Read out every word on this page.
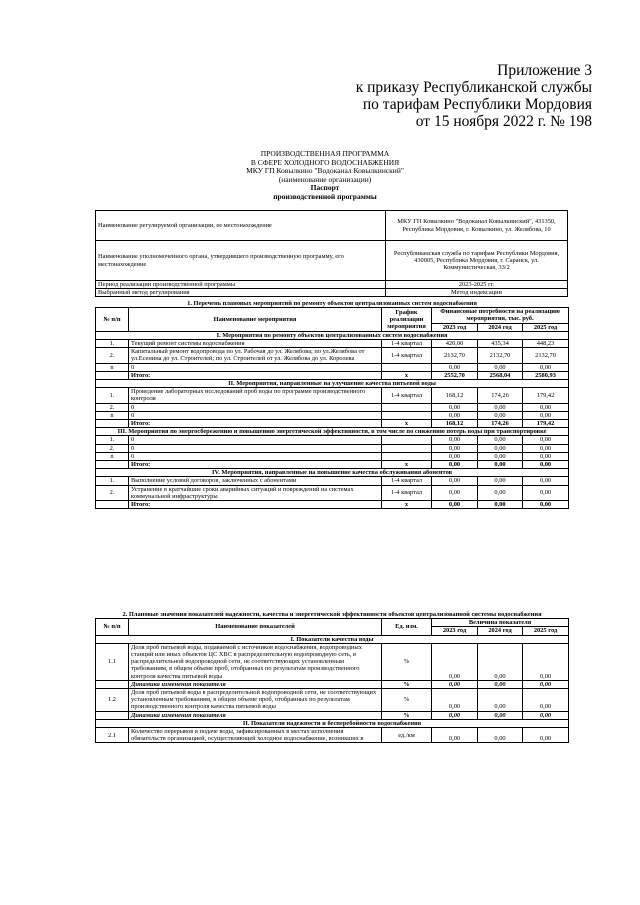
Приложение 3
к приказу Республиканской службы
по тарифам Республики Мордовия
от 15 ноября 2022 г. № 198
ПРОИЗВОДСТВЕННАЯ ПРОГРАММА
В СФЕРЕ ХОЛОДНОГО ВОДОСНАБЖЕНИЯ
МКУ ГП Ковылкино "Водоканал Ковылкинский"
(наименование организации)
Паспорт
производственной программы
Наименование регулируемой организации, ее местонахождение	МКУ ГП Ковылкино "Водоканал Ковылкинский", 431350, Республика Мордовия, г. Ковылкино, ул. Желябова, 10
Наименование уполномоченного органа, утвердившего производственную программу, его местонахождение	Республиканская служба по тарифам Республики Мордовия, 430005, Республика Мордовия, г. Саранск, ул. Коммунистическая, 33/2
Период реализации производственной программы	2023-2025 гг.
Выбранный метод регулирования	Метод индексации
1. Перечень плановых мероприятий по ремонту объектов централизованных систем водоснабжения					
№ п/п	Наименование мероприятия	График реализации мероприятия	Финансовые потребности на реализацию мероприятия, тыс. руб.		
			2023 год	2024 год	2025 год
I. Мероприятия по ремонту объектов централизованных систем водоснабжения					
1.	Текущий ремонт системы водоснабжения	1-4 квартал	420,00	435,34	448,23
2.	Капитальный ремонт водопровода по ул. Рабочая до ул. Желябова; по ул.Желябова от ул.Есенина до ул. Строителей; по ул. Строителей от ул. Желябова до ул. Королева	1-4 квартал	2132,70	2132,70	2132,70
n	0		0,00	0,00	0,00
	Итого:	x	2552,70	2568,04	2580,93
II. Мероприятия, направленные на улучшение качества питьевой воды					
1.	Проведение лабораторных исследований проб воды по программе производственного контроля	1-4 квартал	168,12	174,26	179,42
2.	0		0,00	0,00	0,00
n	0		0,00	0,00	0,00
	Итого:	x	168,12	174,26	179,42
III. Мероприятия по энергосбережению и повышению энергетической эффективности, в том числе по снижению потерь воды при транспортировке					
1.	0		0,00	0,00	0,00
2.	0		0,00	0,00	0,00
n	0		0,00	0,00	0,00
	Итого:	x	0,00	0,00	0,00
IV. Мероприятия, направленные на повышение качества обслуживания абонентов					
1.	Выполнение условий договоров, заключенных с абонентами	1-4 квартал	0,00	0,00	0,00
2.	Устранение в кратчайшие сроки аварийных ситуаций и повреждений на системах коммунальной инфраструктуры	1-4 квартал	0,00	0,00	0,00
	Итого:	x	0,00	0,00	0,00
2. Плановые значения показателей надежности, качества и энергетической эффективности объектов централизованной системы водоснабжения					
№ п/п	Наименование показателей	Ед. изм.	Величина показателя		
			2023 год	2024 год	2025 год
I. Показатели качества воды					
1.1	Доля проб питьевой воды, подаваемой с источников водоснабжения, водопроводных станций или иных объектов ЦС ХВС в распределительную водопроводную сеть, в распределительной водопроводной сети, не соответствующих установленным требованиям, в общем объеме проб, отобранных по результатам производственного контроля качества питьевой воды	%	0,00	0,00	0,00
	Динамика изменения показателя	%	0,00	0,00	0,00
1.2	Доля проб питьевой воды в распределительной водопроводной сети, не соответствующих установленным требованиям, в общем объеме проб, отобранных по результатам производственного контроля качества питьевой воды	%	0,00	0,00	0,00
	Динамика изменения показателя	%	0,00	0,00	0,00
II. Показатели надежности и бесперебойности водоснабжения					
2.1	Количество перерывов в подаче воды, зафиксированных в местах исполнения обязательств организацией, осуществляющей холодное водоснабжение, возникших в	ед./км	0,00	0,00	0,00
